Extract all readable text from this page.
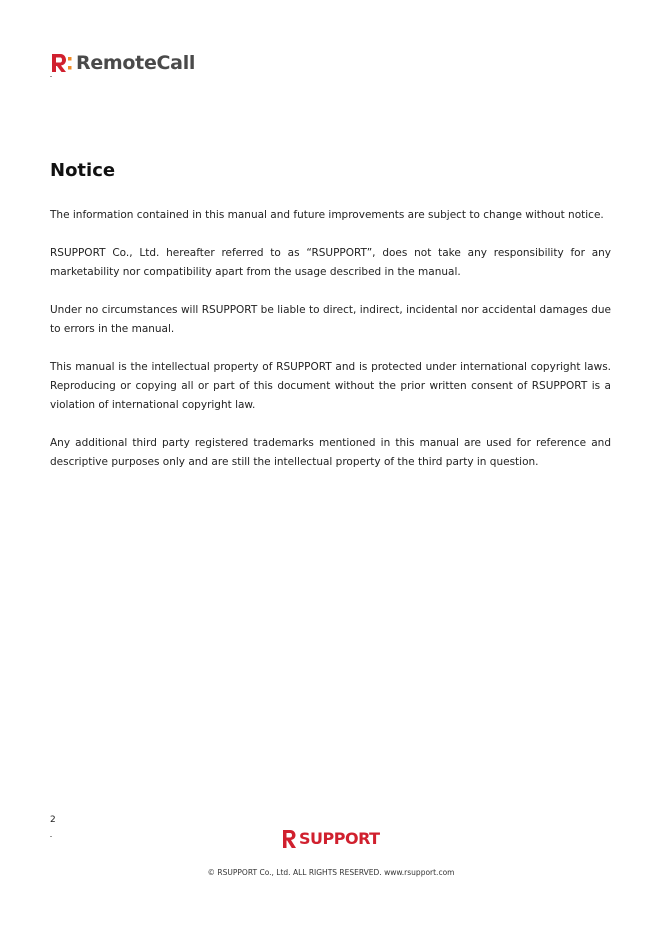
RemoteCall
Notice

The information contained in this manual and future improvements are subject to change without notice.

RSUPPORT Co., Ltd. hereafter referred to as “RSUPPORT”, does not take any responsibility for any marketability nor compatibility apart from the usage described in the manual.

Under no circumstances will RSUPPORT be liable to direct, indirect, incidental nor accidental damages due to errors in the manual.

This manual is the intellectual property of RSUPPORT and is protected under international copyright laws. Reproducing or copying all or part of this document without the prior written consent of RSUPPORT is a violation of international copyright law.

Any additional third party registered trademarks mentioned in this manual are used for reference and descriptive purposes only and are still the intellectual property of the third party in question.

2
SUPPORT
© RSUPPORT Co., Ltd. ALL RIGHTS RESERVED. www.rsupport.com
